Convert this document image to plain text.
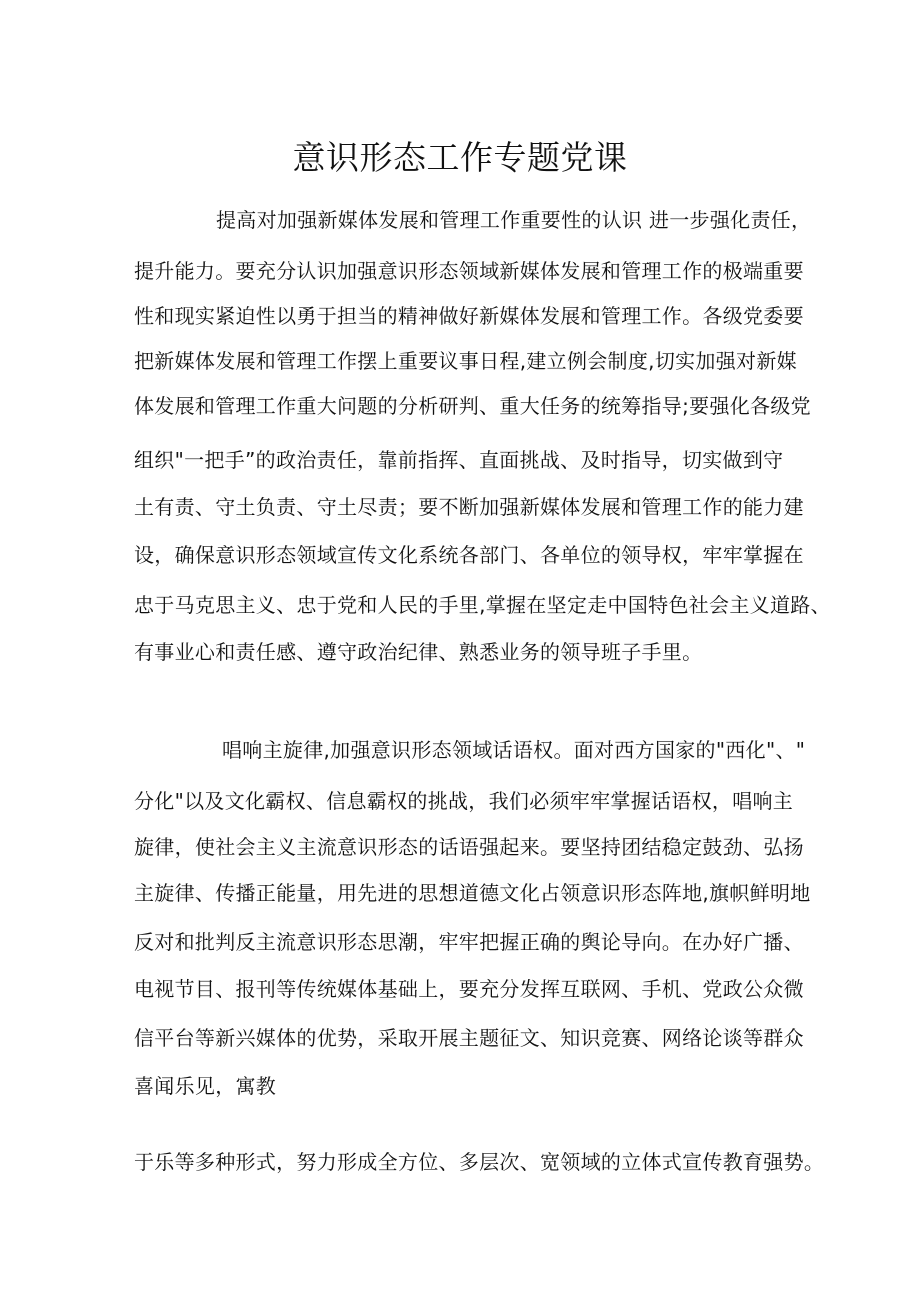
意识形态工作专题党课
提高对加强新媒体发展和管理工作重要性的认识 进一步强化责任，
提升能力。要充分认识加强意识形态领域新媒体发展和管理工作的极端重要
性和现实紧迫性以勇于担当的精神做好新媒体发展和管理工作。各级党委要
把新媒体发展和管理工作摆上重要议事日程,建立例会制度,切实加强对新媒
体发展和管理工作重大问题的分析研判、重大任务的统筹指导;要强化各级党
组织"一把手”的政治责任，靠前指挥、直面挑战、及时指导，切实做到守
土有责、守土负责、守土尽责；要不断加强新媒体发展和管理工作的能力建
设，确保意识形态领域宣传文化系统各部门、各单位的领导权，牢牢掌握在
忠于马克思主义、忠于党和人民的手里,掌握在坚定走中国特色社会主义道路、
有事业心和责任感、遵守政治纪律、熟悉业务的领导班子手里。
唱响主旋律,加强意识形态领域话语权。面对西方国家的"西化"、"
分化"以及文化霸权、信息霸权的挑战，我们必须牢牢掌握话语权，唱响主
旋律，使社会主义主流意识形态的话语强起来。要坚持团结稳定鼓劲、弘扬
主旋律、传播正能量，用先进的思想道德文化占领意识形态阵地,旗帜鲜明地
反对和批判反主流意识形态思潮，牢牢把握正确的舆论导向。在办好广播、
电视节目、报刊等传统媒体基础上，要充分发挥互联网、手机、党政公众微
信平台等新兴媒体的优势，采取开展主题征文、知识竞赛、网络论谈等群众
喜闻乐见，寓教
于乐等多种形式，努力形成全方位、多层次、宽领域的立体式宣传教育强势。
